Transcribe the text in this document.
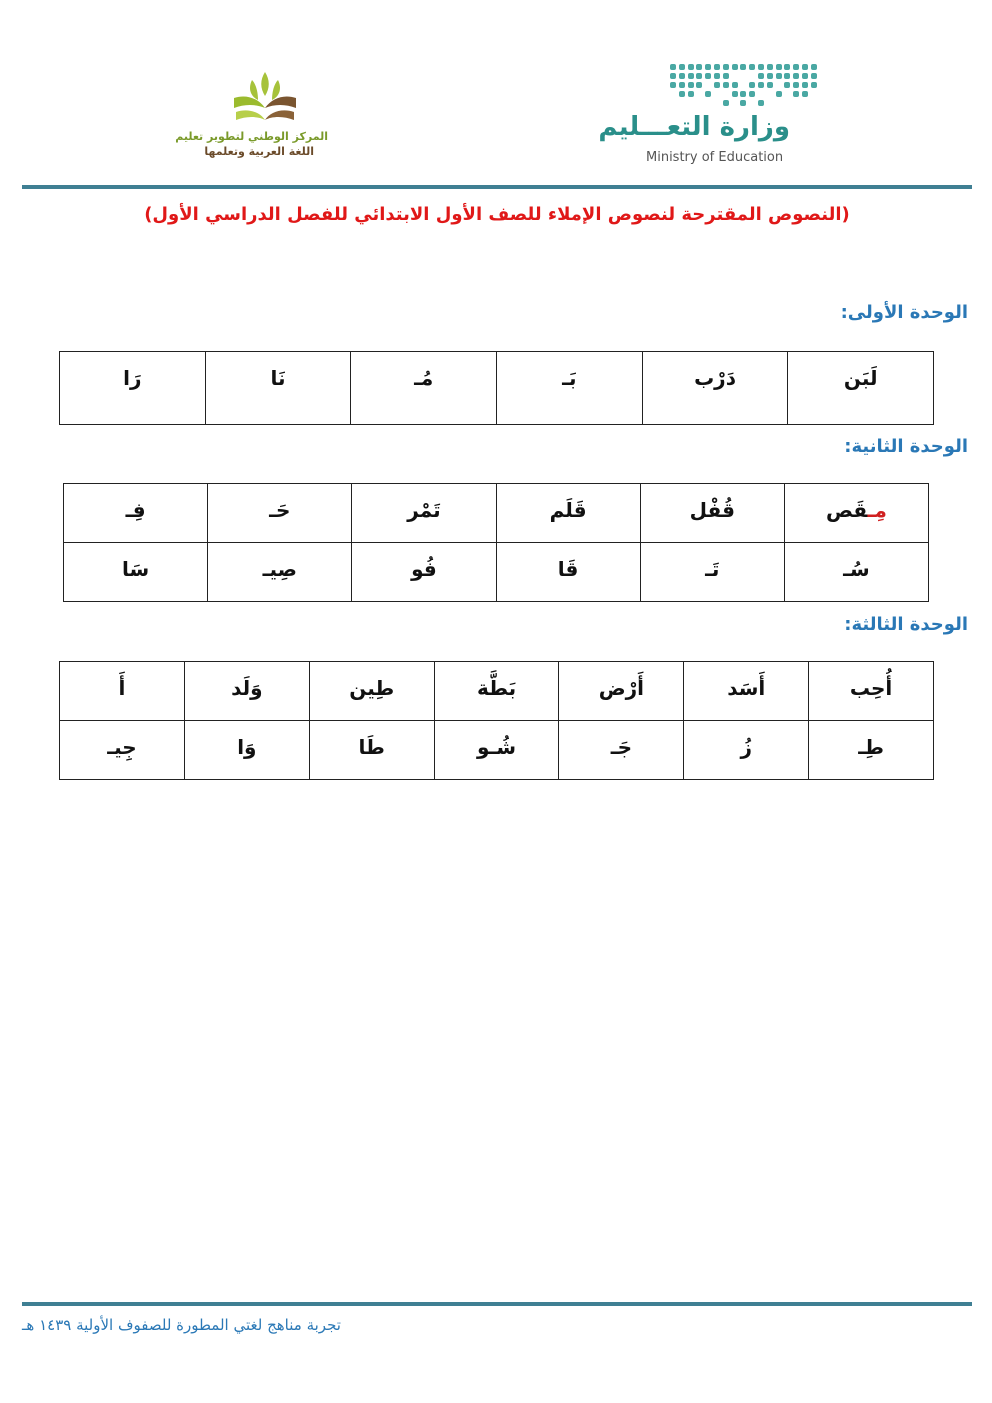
وزارة التعـــليم
Ministry of Education
المركز الوطني لتطوير تعليم
اللغة العربية وتعلمها
(النصوص المقترحة لنصوص الإملاء للصف الأول الابتدائي للفصل الدراسي الأول)
الوحدة الأولى:
لَبَن	دَرْب	بَـ	مُـ	نَا	رَا
الوحدة الثانية:
مِـقَص	قُفْل	قَلَم	تَمْر	حَـ	فِـ
سُـ	تَـ	قَا	فُو	صِيـ	سَا
الوحدة الثالثة:
أُحِب	أَسَد	أَرْض	بَطَّة	طِين	وَلَد	أَ
طِـ	زُ	جَـ	شُـو	طَا	وَا	جِيـ
تجربة مناهج لغتي المطورة للصفوف الأولية ١٤٣٩ هـ
